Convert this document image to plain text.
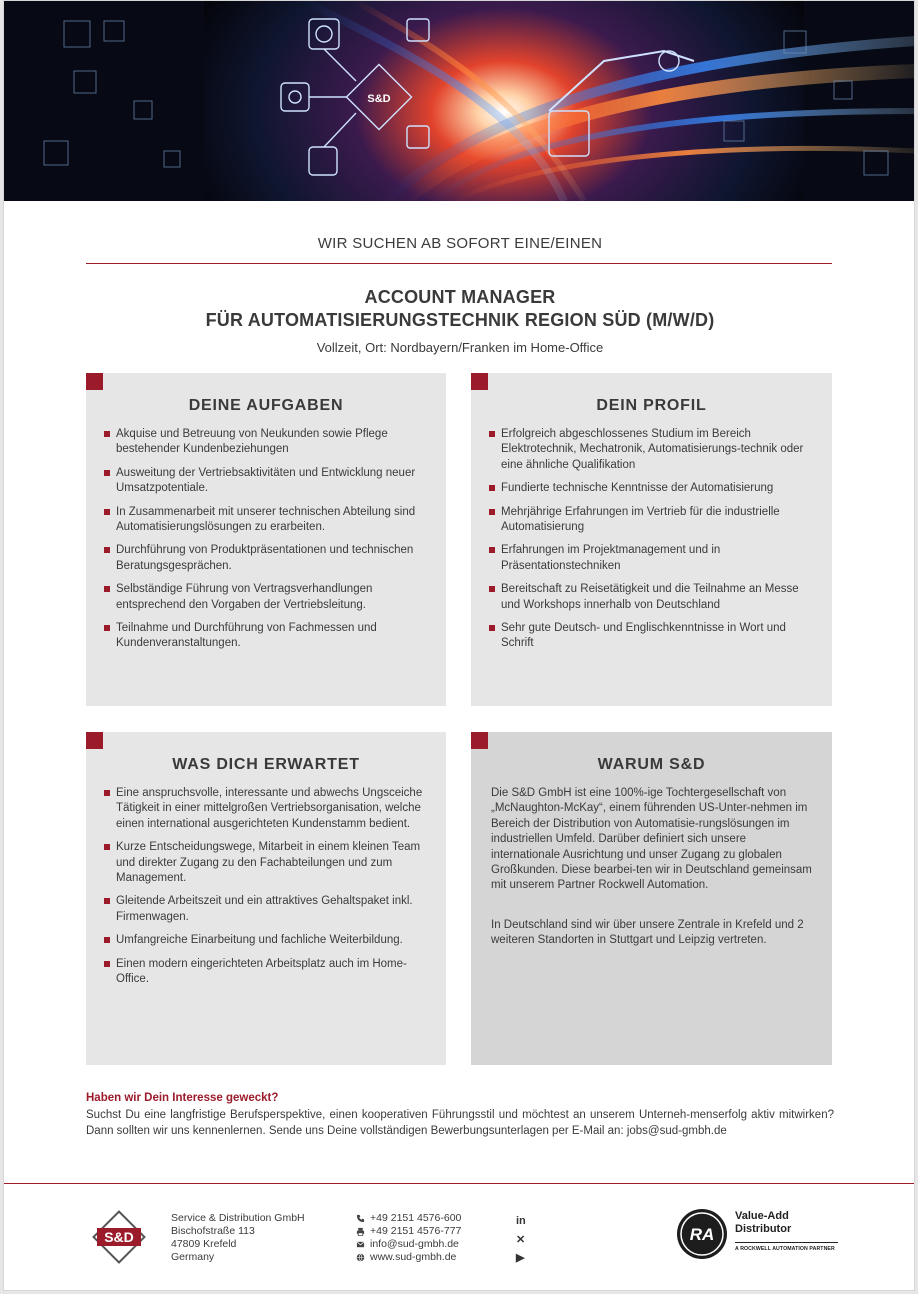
S&D
WIR SUCHEN AB SOFORT EINE/EINEN
ACCOUNT MANAGER
FÜR AUTOMATISIERUNGSTECHNIK REGION SÜD (M/W/D)
Vollzeit, Ort: Nordbayern/Franken im Home-Office
DEINE AUFGABEN
Akquise und Betreuung von Neukunden sowie Pflege bestehender Kundenbeziehungen
Ausweitung der Vertriebsaktivitäten und Entwicklung neuer Umsatzpotentiale.
In Zusammenarbeit mit unserer technischen Abteilung sind Automatisierungslösungen zu erarbeiten.
Durchführung von Produktpräsentationen und technischen Beratungsgesprächen.
Selbständige Führung von Vertragsverhandlungen entsprechend den Vorgaben der Vertriebsleitung.
Teilnahme und Durchführung von Fachmessen und Kundenveranstaltungen.
DEIN PROFIL
Erfolgreich abgeschlossenes Studium im Bereich Elektrotechnik, Mechatronik, Automatisierungs-technik oder eine ähnliche Qualifikation
Fundierte technische Kenntnisse der Automatisierung
Mehrjährige Erfahrungen im Vertrieb für die industrielle Automatisierung
Erfahrungen im Projektmanagement und in Präsentationstechniken
Bereitschaft zu Reisetätigkeit und die Teilnahme an Messe und Workshops innerhalb von Deutschland
Sehr gute Deutsch- und Englischkenntnisse in Wort und Schrift
WAS DICH ERWARTET
Eine anspruchsvolle, interessante und abwechs Ungsceiche Tätigkeit in einer mittelgroßen Vertriebsorganisation, welche einen international ausgerichteten Kundenstamm bedient.
Kurze Entscheidungswege, Mitarbeit in einem kleinen Team und direkter Zugang zu den Fachabteilungen und zum Management.
Gleitende Arbeitszeit und ein attraktives Gehaltspaket inkl. Firmenwagen.
Umfangreiche Einarbeitung und fachliche Weiterbildung.
Einen modern eingerichteten Arbeitsplatz auch im Home-Office.
WARUM S&D

Die S&D GmbH ist eine 100%-ige Tochtergesellschaft von „McNaughton-McKay“, einem führenden US-Unter-nehmen im Bereich der Distribution von Automatisie-rungslösungen im industriellen Umfeld. Darüber definiert sich unsere internationale Ausrichtung und unser Zugang zu globalen Großkunden. Diese bearbei-ten wir in Deutschland gemeinsam mit unserem Partner Rockwell Automation.

In Deutschland sind wir über unsere Zentrale in Krefeld und 2 weiteren Standorten in Stuttgart und Leipzig vertreten.

Haben wir Dein Interesse geweckt?
Suchst Du eine langfristige Berufsperspektive, einen kooperativen Führungsstil und möchtest an unserem Unterneh-menserfolg aktiv mitwirken? Dann sollten wir uns kennenlernen. Sende uns Deine vollständigen Bewerbungsunterlagen per E-Mail an: jobs@sud-gmbh.de
S&D
Service & Distribution GmbH
Bischofstraße 113
47809 Krefeld
Germany
+49 2151 4576-600
+49 2151 4576-777
info@sud-gmbh.de
www.sud-gmbh.de
in
✕
▶
RA
Value-Add
Distributor
A ROCKWELL AUTOMATION PARTNER
